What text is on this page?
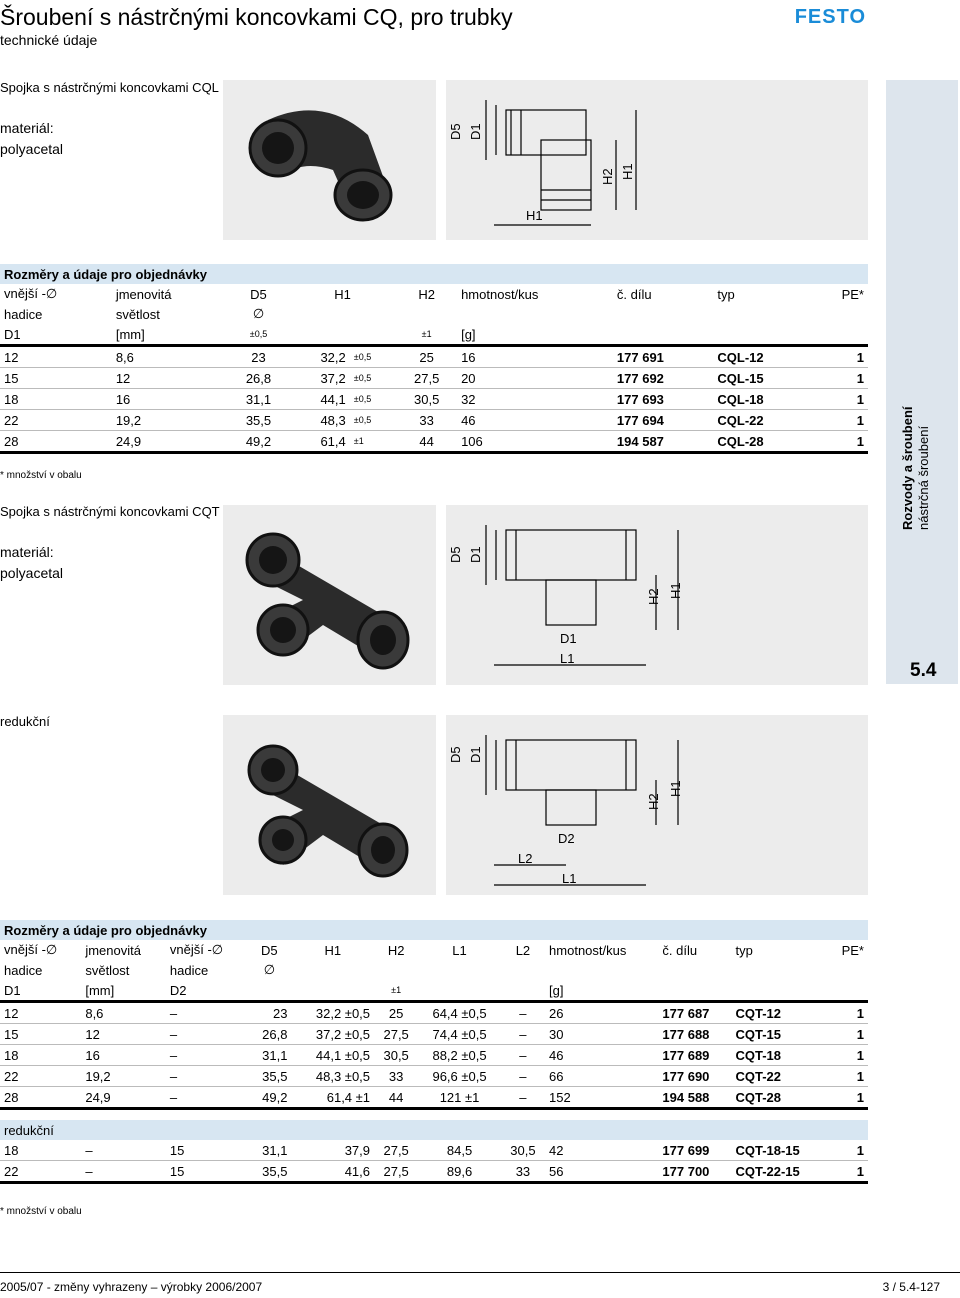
Šroubení s nástrčnými koncovkami CQ, pro trubky
technické údaje
FESTO
Rozvody a šroubení nástrčná šroubení
5.4
Spojka s nástrčnými koncovkami CQL
materiál:
polyacetal
D5 D1
H2 H1
H1
Rozměry a údaje pro objednávky									
vnější -∅	jmenovitá	D5	H1		H2	hmotnost/kus	č. dílu	typ	PE*
hadice	světlost	∅							
D1	[mm]	±0,5			±1	[g]			
12	8,6	23	32,2	±0,5	25	16	177 691	CQL-12	1
15	12	26,8	37,2	±0,5	27,5	20	177 692	CQL-15	1
18	16	31,1	44,1	±0,5	30,5	32	177 693	CQL-18	1
22	19,2	35,5	48,3	±0,5	33	46	177 694	CQL-22	1
28	24,9	49,2	61,4	±1	44	106	194 587	CQL-28	1
* množství v obalu
Spojka s nástrčnými koncovkami CQT
materiál:
polyacetal
D5 D1
H2 H1
D1
L1
redukční
D5 D1
H2
H1
D2
L2
L1
Rozměry a údaje pro objednávky											
vnější -∅	jmenovitá	vnější -∅	D5	H1	H2	L1	L2	hmotnost/kus	č. dílu	typ	PE*
hadice	světlost	hadice	∅								
D1	[mm]	D2			±1			[g]			
12	8,6	–	23	32,2 ±0,5	25	64,4 ±0,5	–	26	177 687	CQT-12	1
15	12	–	26,8	37,2 ±0,5	27,5	74,4 ±0,5	–	30	177 688	CQT-15	1
18	16	–	31,1	44,1 ±0,5	30,5	88,2 ±0,5	–	46	177 689	CQT-18	1
22	19,2	–	35,5	48,3 ±0,5	33	96,6 ±0,5	–	66	177 690	CQT-22	1
28	24,9	–	49,2	61,4 ±1	44	121 ±1	–	152	194 588	CQT-28	1

redukční											
18	–	15	31,1	37,9	27,5	84,5	30,5	42	177 699	CQT-18-15	1
22	–	15	35,5	41,6	27,5	89,6	33	56	177 700	CQT-22-15	1
* množství v obalu
2005/07 - změny vyhrazeny – výrobky 2006/2007	3 / 5.4-127
